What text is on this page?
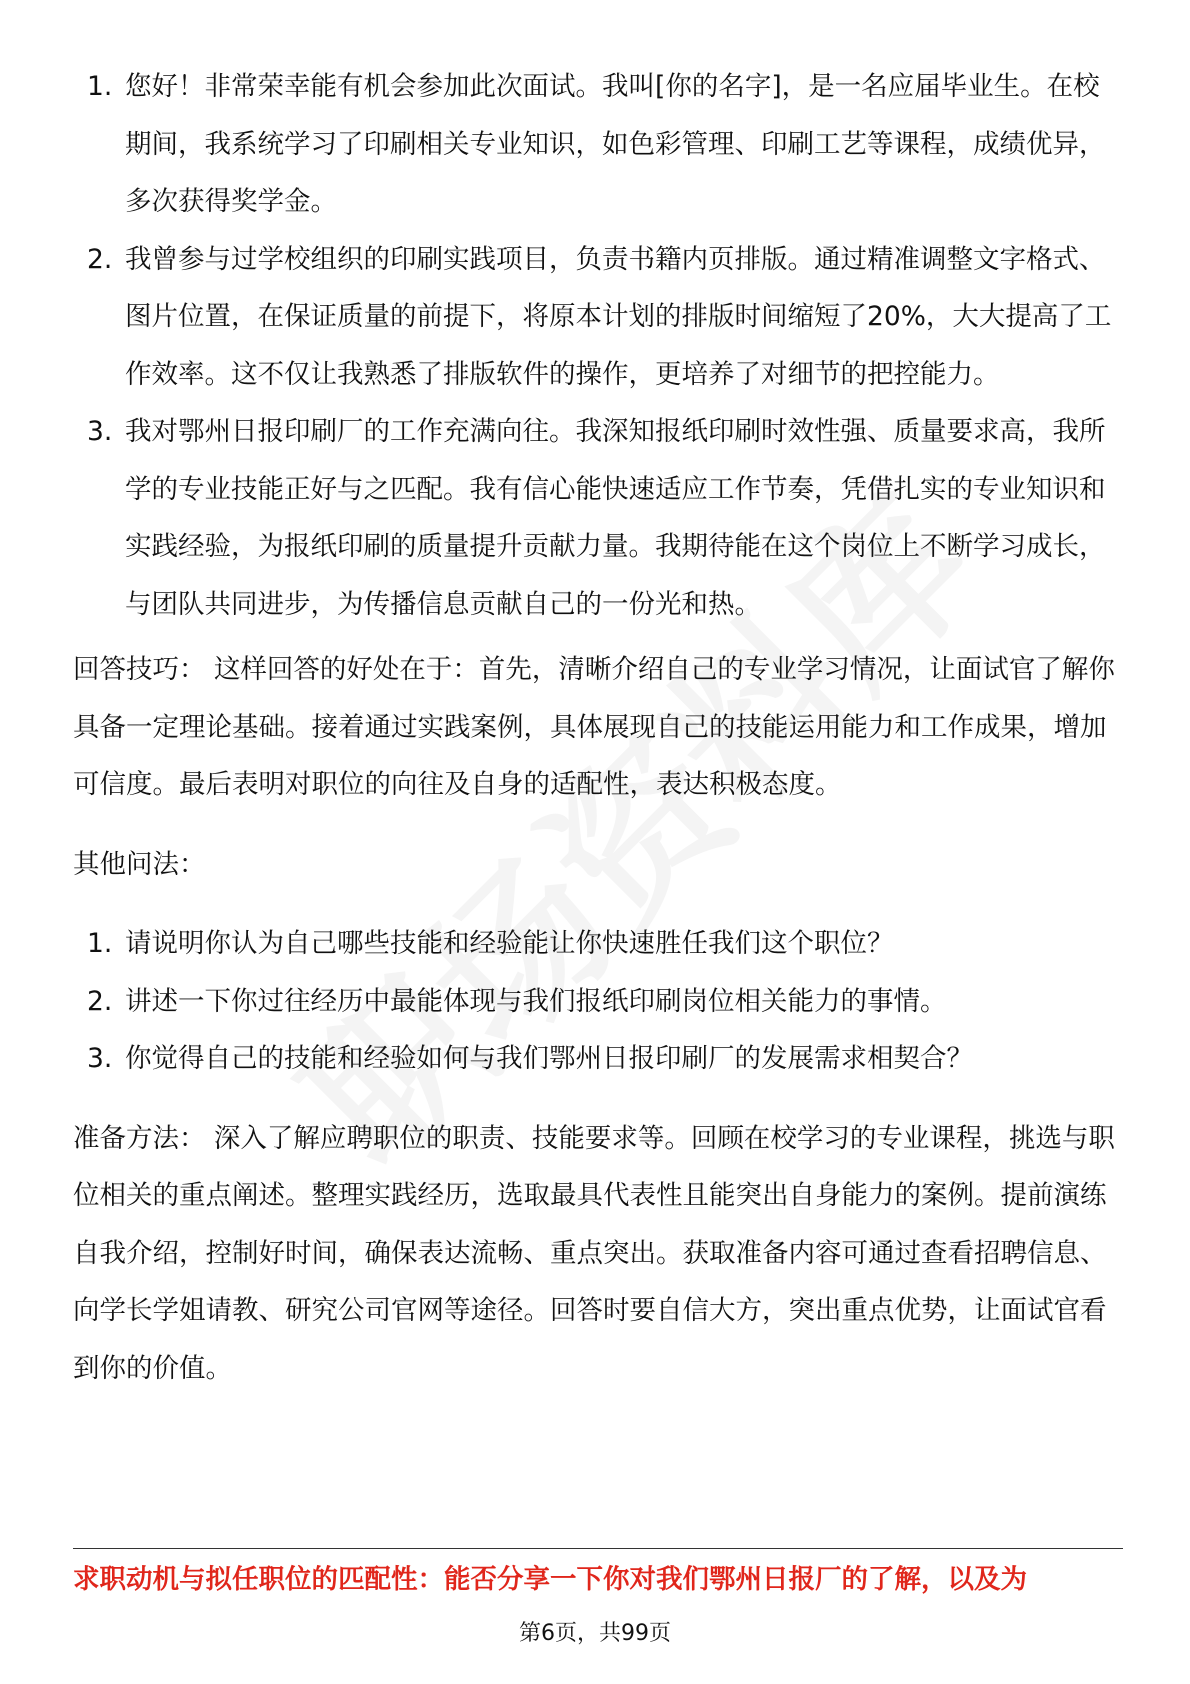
1. 您好！非常荣幸能有机会参加此次面试。我叫[你的名字]，是一名应届毕业生。在校期间，我系统学习了印刷相关专业知识，如色彩管理、印刷工艺等课程，成绩优异，多次获得奖学金。
2. 我曾参与过学校组织的印刷实践项目，负责书籍内页排版。通过精准调整文字格式、图片位置，在保证质量的前提下，将原本计划的排版时间缩短了20%，大大提高了工作效率。这不仅让我熟悉了排版软件的操作，更培养了对细节的把控能力。
3. 我对鄂州日报印刷厂的工作充满向往。我深知报纸印刷时效性强、质量要求高，我所学的专业技能正好与之匹配。我有信心能快速适应工作节奏，凭借扎实的专业知识和实践经验，为报纸印刷的质量提升贡献力量。我期待能在这个岗位上不断学习成长，与团队共同进步，为传播信息贡献自己的一份光和热。

回答技巧： 这样回答的好处在于：首先，清晰介绍自己的专业学习情况，让面试官了解你具备一定理论基础。接着通过实践案例，具体展现自己的技能运用能力和工作成果，增加可信度。最后表明对职位的向往及自身的适配性，表达积极态度。

其他问法：

1. 请说明你认为自己哪些技能和经验能让你快速胜任我们这个职位？
2. 讲述一下你过往经历中最能体现与我们报纸印刷岗位相关能力的事情。
3. 你觉得自己的技能和经验如何与我们鄂州日报印刷厂的发展需求相契合？

准备方法： 深入了解应聘职位的职责、技能要求等。回顾在校学习的专业课程，挑选与职位相关的重点阐述。整理实践经历，选取最具代表性且能突出自身能力的案例。提前演练自我介绍，控制好时间，确保表达流畅、重点突出。获取准备内容可通过查看招聘信息、向学长学姐请教、研究公司官网等途径。回答时要自信大方，突出重点优势，让面试官看到你的价值。

求职动机与拟任职位的匹配性：能否分享一下你对我们鄂州日报厂的了解，以及为
第6页，共99页
